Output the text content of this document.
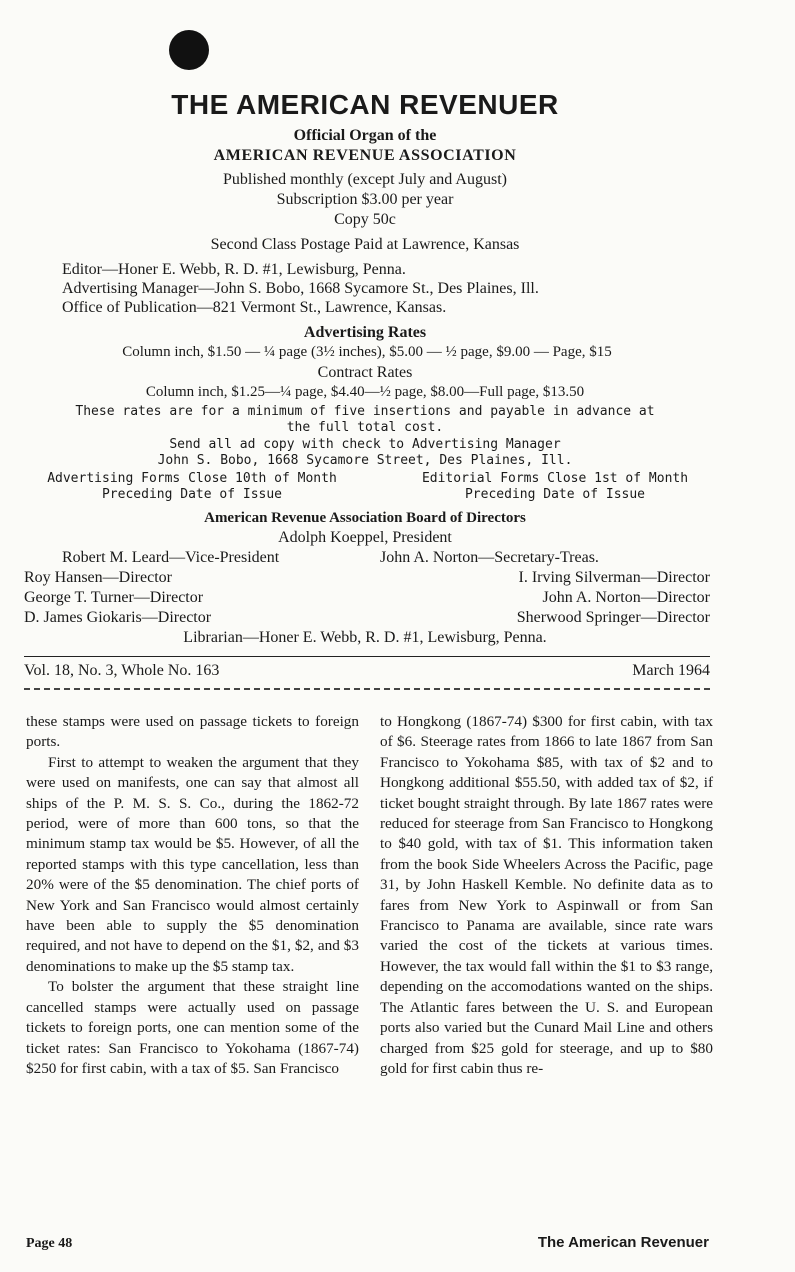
THE AMERICAN REVENUER
Official Organ of the
AMERICAN REVENUE ASSOCIATION
Published monthly (except July and August)
Subscription $3.00 per year
Copy 50c
Second Class Postage Paid at Lawrence, Kansas
Editor—Honer E. Webb, R. D. #1, Lewisburg, Penna.
Advertising Manager—John S. Bobo, 1668 Sycamore St., Des Plaines, Ill.
Office of Publication—821 Vermont St., Lawrence, Kansas.
Advertising Rates
Column inch, $1.50 — ¼ page (3½ inches), $5.00 — ½ page, $9.00 — Page, $15
Contract Rates
Column inch, $1.25—¼ page, $4.40—½ page, $8.00—Full page, $13.50
These rates are for a minimum of five insertions and payable in advance at
the full total cost.
Send all ad copy with check to Advertising Manager
John S. Bobo, 1668 Sycamore Street, Des Plaines, Ill.
Advertising Forms Close 10th of Month
Preceding Date of Issue
Editorial Forms Close 1st of Month
Preceding Date of Issue
American Revenue Association Board of Directors
Adolph Koeppel, President
Robert M. Leard—Vice-President	John A. Norton—Secretary-Treas.
Roy Hansen—Director	I. Irving Silverman—Director
George T. Turner—Director	John A. Norton—Director
D. James Giokaris—Director	Sherwood Springer—Director
Librarian—Honer E. Webb, R. D. #1, Lewisburg, Penna.
Vol. 18, No. 3, Whole No. 163	March 1964

these stamps were used on passage tickets to foreign ports.

First to attempt to weaken the argument that they were used on manifests, one can say that almost all ships of the P. M. S. S. Co., during the 1862-72 period, were of more than 600 tons, so that the minimum stamp tax would be $5. However, of all the reported stamps with this type cancellation, less than 20% were of the $5 denomination. The chief ports of New York and San Francisco would almost certainly have been able to supply the $5 denomination required, and not have to depend on the $1, $2, and $3 denominations to make up the $5 stamp tax.

To bolster the argument that these straight line cancelled stamps were actually used on passage tickets to foreign ports, one can mention some of the ticket rates: San Francisco to Yokohama (1867-74) $250 for first cabin, with a tax of $5. San Francisco

to Hongkong (1867-74) $300 for first cabin, with tax of $6. Steerage rates from 1866 to late 1867 from San Francisco to Yokohama $85, with tax of $2 and to Hongkong additional $55.50, with added tax of $2, if ticket bought straight through. By late 1867 rates were reduced for steerage from San Francisco to Hongkong to $40 gold, with tax of $1. This information taken from the book Side Wheelers Across the Pacific, page 31, by John Haskell Kemble. No definite data as to fares from New York to Aspinwall or from San Francisco to Panama are available, since rate wars varied the cost of the tickets at various times. However, the tax would fall within the $1 to $3 range, depending on the accomodations wanted on the ships. The Atlantic fares between the U. S. and European ports also varied but the Cunard Mail Line and others charged from $25 gold for steerage, and up to $80 gold for first cabin thus re-

Page 48	The American Revenuer
